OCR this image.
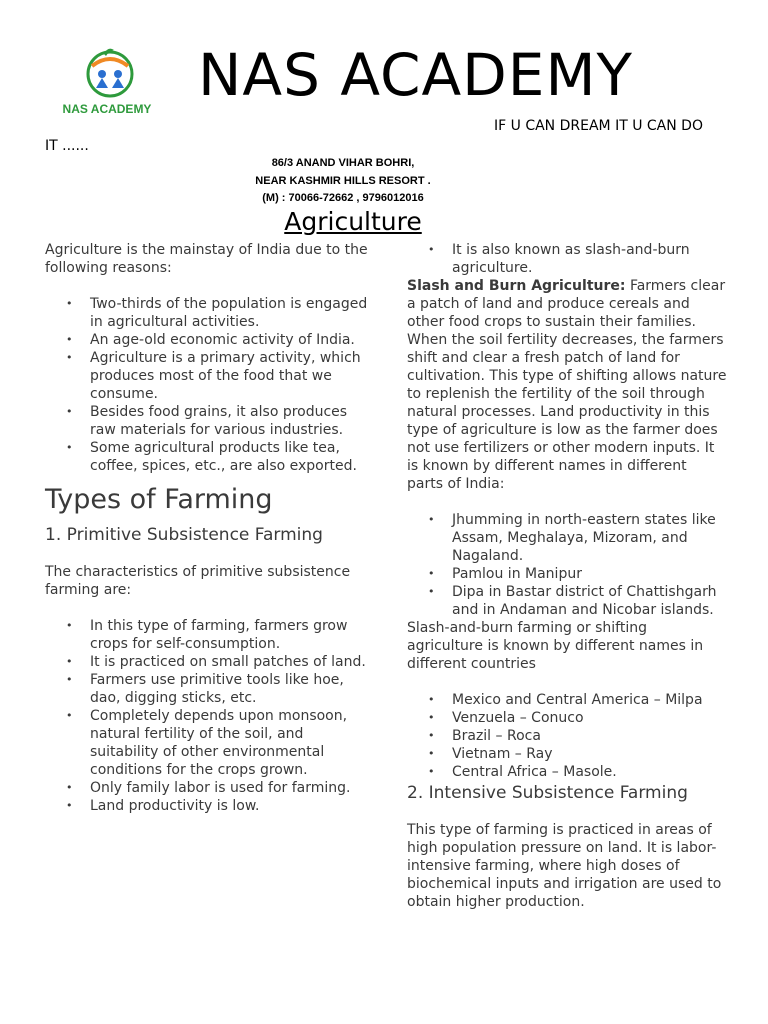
NAS ACADEMY NAS ACADEMY
IF U CAN DREAM IT U CAN DO
IT ......
86/3 ANAND VIHAR BOHRI,
NEAR KASHMIR HILLS RESORT .
(M) : 70066-72662 , 9796012016
Agriculture

Agriculture is the mainstay of India due to the following reasons:

• Two-thirds of the population is engaged in agricultural activities.
• An age-old economic activity of India.
• Agriculture is a primary activity, which produces most of the food that we consume.
• Besides food grains, it also produces raw materials for various industries.
• Some agricultural products like tea, coffee, spices, etc., are also exported.

Types of Farming

1. Primitive Subsistence Farming

The characteristics of primitive subsistence farming are:

• In this type of farming, farmers grow crops for self-consumption.
• It is practiced on small patches of land.
• Farmers use primitive tools like hoe, dao, digging sticks, etc.
• Completely depends upon monsoon, natural fertility of the soil, and suitability of other environmental conditions for the crops grown.
• Only family labor is used for farming.
• Land productivity is low.
• It is also known as slash-and-burn agriculture.

Slash and Burn Agriculture: Farmers clear a patch of land and produce cereals and other food crops to sustain their families. When the soil fertility decreases, the farmers shift and clear a fresh patch of land for cultivation. This type of shifting allows nature to replenish the fertility of the soil through natural processes. Land productivity in this type of agriculture is low as the farmer does not use fertilizers or other modern inputs. It is known by different names in different parts of India:

• Jhumming in north-eastern states like Assam, Meghalaya, Mizoram, and Nagaland.
• Pamlou in Manipur
• Dipa in Bastar district of Chattishgarh and in Andaman and Nicobar islands.

Slash-and-burn farming or shifting agriculture is known by different names in different countries

• Mexico and Central America – Milpa
• Venzuela – Conuco
• Brazil – Roca
• Vietnam – Ray
• Central Africa – Masole.

2. Intensive Subsistence Farming

This type of farming is practiced in areas of high population pressure on land. It is labor-intensive farming, where high doses of biochemical inputs and irrigation are used to obtain higher production.
